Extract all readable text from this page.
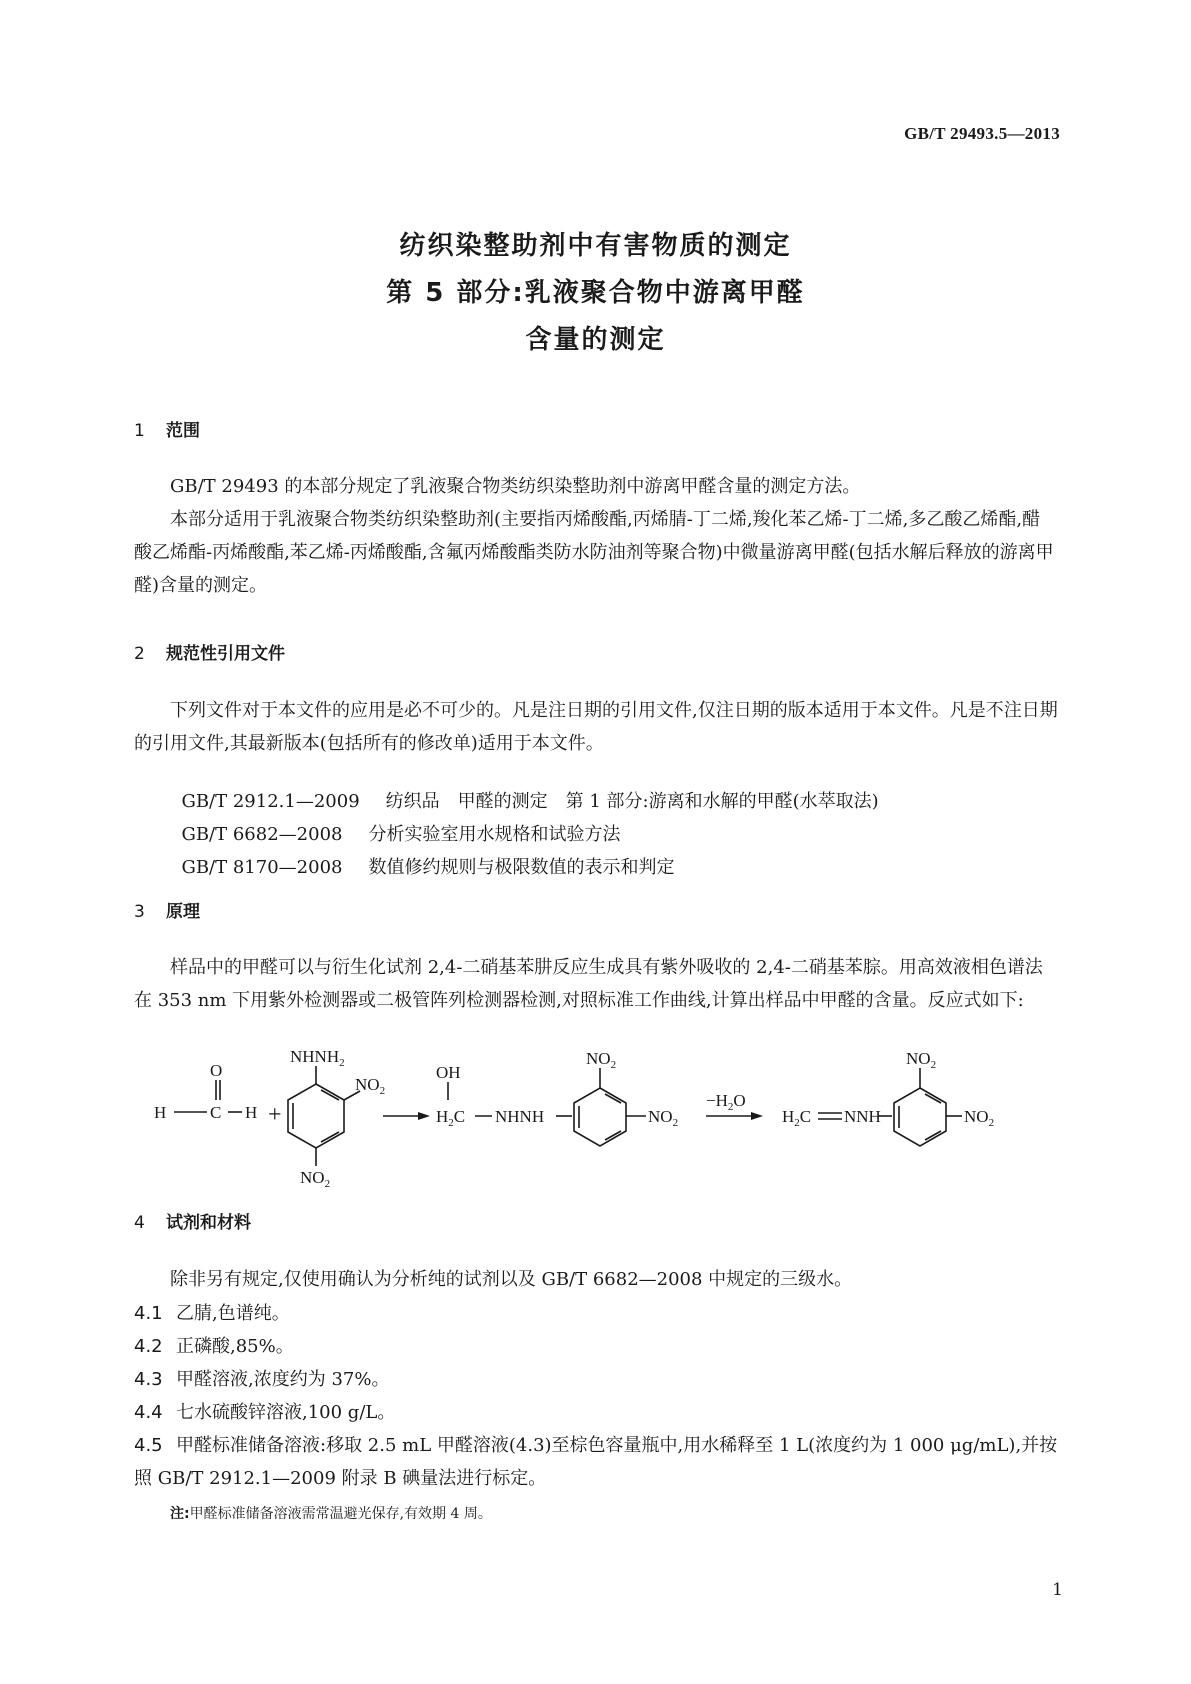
GB/T 29493.5—2013
纺织染整助剂中有害物质的测定
第 5 部分:乳液聚合物中游离甲醛
含量的测定
1 范围
GB/T 29493 的本部分规定了乳液聚合物类纺织染整助剂中游离甲醛含量的测定方法。
本部分适用于乳液聚合物类纺织染整助剂(主要指丙烯酸酯,丙烯腈-丁二烯,羧化苯乙烯-丁二烯,多乙酸乙烯酯,醋酸乙烯酯-丙烯酸酯,苯乙烯-丙烯酸酯,含氟丙烯酸酯类防水防油剂等聚合物)中微量游离甲醛(包括水解后释放的游离甲醛)含量的测定。
2 规范性引用文件
下列文件对于本文件的应用是必不可少的。凡是注日期的引用文件,仅注日期的版本适用于本文件。凡是不注日期的引用文件,其最新版本(包括所有的修改单)适用于本文件。

GB/T 2912.1—2009 纺织品　甲醛的测定　第 1 部分:游离和水解的甲醛(水萃取法)

GB/T 6682—2008 分析实验室用水规格和试验方法

GB/T 8170—2008 数值修约规则与极限数值的表示和判定

3 原理
样品中的甲醛可以与衍生化试剂 2,4-二硝基苯肼反应生成具有紫外吸收的 2,4-二硝基苯腙。用高效液相色谱法在 353 nm 下用紫外检测器或二极管阵列检测器检测,对照标准工作曲线,计算出样品中甲醛的含量。反应式如下:
O
H	C H +
$NHNH_2$
$NO_2$
$NO_2$
OH
$H_2C$ NHNH
$NO_2$
$NO_2$
$-H_2O$
$H_2C$ NNH
$NO_2$
$NO_2$
4 试剂和材料
除非另有规定,仅使用确认为分析纯的试剂以及 GB/T 6682—2008 中规定的三级水。
4.1 乙腈,色谱纯。
4.2 正磷酸,85%。
4.3 甲醛溶液,浓度约为 37%。
4.4 七水硫酸锌溶液,100 g/L。
4.5 甲醛标准储备溶液:移取 2.5 mL 甲醛溶液(4.3)至棕色容量瓶中,用水稀释至 1 L(浓度约为 1 000 μg/mL),并按照 GB/T 2912.1—2009 附录 B 碘量法进行标定。
注:甲醛标准储备溶液需常温避光保存,有效期 4 周。
1
